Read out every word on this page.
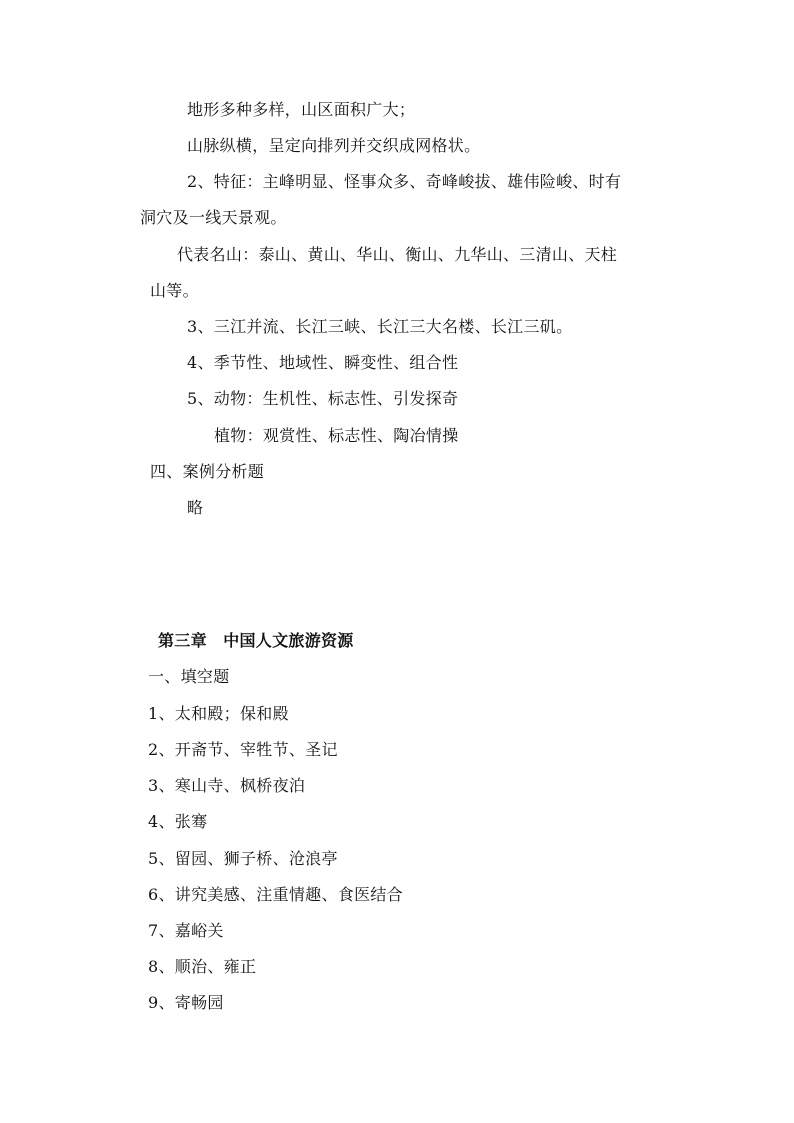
地形多种多样，山区面积广大；
山脉纵横，呈定向排列并交织成网格状。
2、特征：主峰明显、怪事众多、奇峰峻拔、雄伟险峻、时有
洞穴及一线天景观。
代表名山：泰山、黄山、华山、衡山、九华山、三清山、天柱
山等。
3、三江并流、长江三峡、长江三大名楼、长江三矶。
4、季节性、地域性、瞬变性、组合性
5、动物：生机性、标志性、引发探奇
植物：观赏性、标志性、陶冶情操
四、案例分析题
略
第三章　中国人文旅游资源
一、填空题
1、太和殿；保和殿
2、开斋节、宰牲节、圣记
3、寒山寺、枫桥夜泊
4、张骞
5、留园、狮子桥、沧浪亭
6、讲究美感、注重情趣、食医结合
7、嘉峪关
8、顺治、雍正
9、寄畅园
